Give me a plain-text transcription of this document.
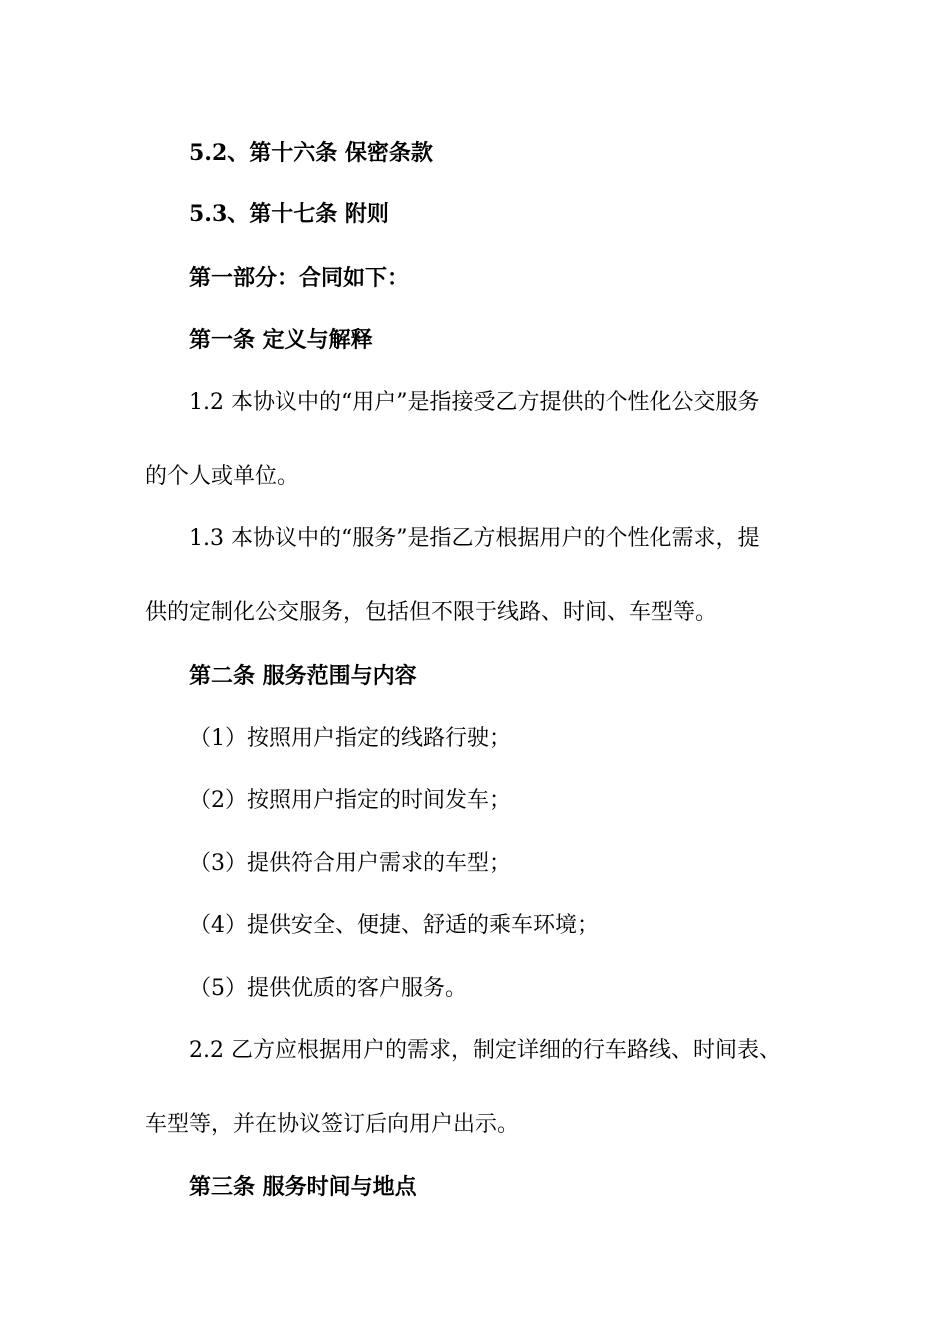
5.2、第十六条 保密条款
5.3、第十七条 附则
第一部分：合同如下：
第一条 定义与解释
1.2 本协议中的“用户”是指接受乙方提供的个性化公交服务
的个人或单位。
1.3 本协议中的“服务”是指乙方根据用户的个性化需求，提
供的定制化公交服务，包括但不限于线路、时间、车型等。
第二条 服务范围与内容
（1）按照用户指定的线路行驶；
（2）按照用户指定的时间发车；
（3）提供符合用户需求的车型；
（4）提供安全、便捷、舒适的乘车环境；
（5）提供优质的客户服务。
2.2 乙方应根据用户的需求，制定详细的行车路线、时间表、
车型等，并在协议签订后向用户出示。
第三条 服务时间与地点
